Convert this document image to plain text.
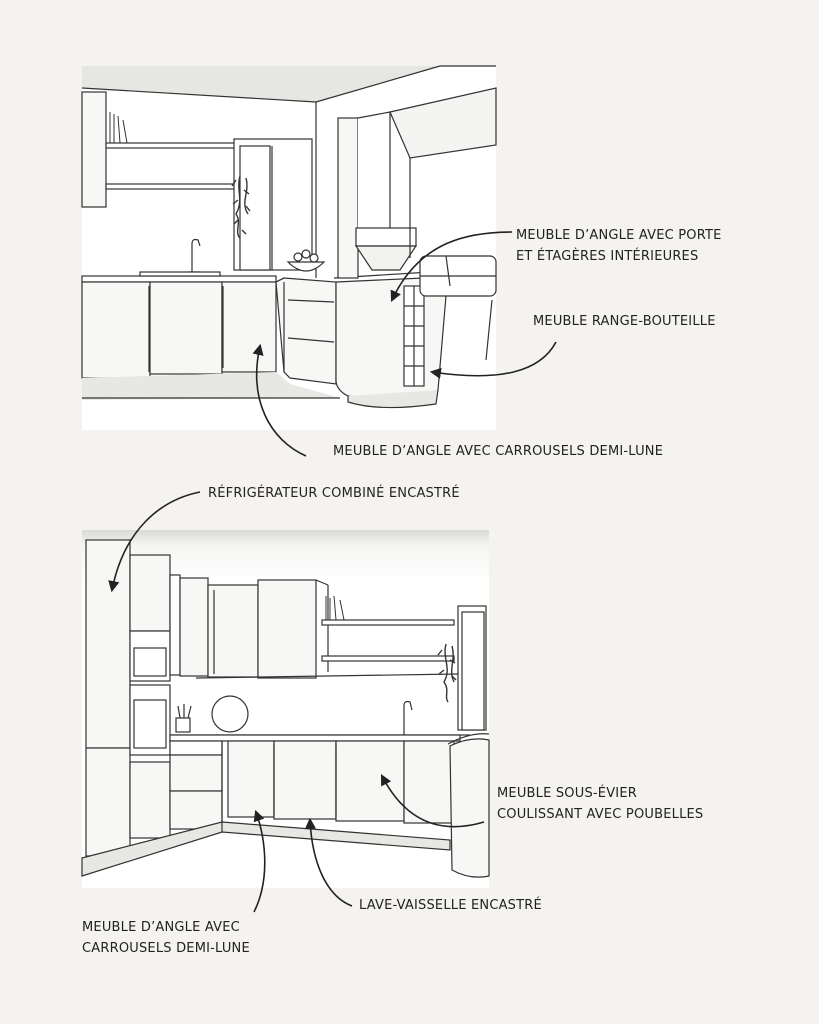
MEUBLE D’ANGLE AVEC PORTE
ET ÉTAGÈRES INTÉRIEURES
MEUBLE RANGE-BOUTEILLE
MEUBLE D’ANGLE AVEC CARROUSELS DEMI-LUNE
RÉFRIGÉRATEUR COMBINÉ ENCASTRÉ
MEUBLE SOUS-ÉVIER
COULISSANT AVEC POUBELLES
LAVE-VAISSELLE ENCASTRÉ
MEUBLE D’ANGLE AVEC
CARROUSELS DEMI-LUNE
